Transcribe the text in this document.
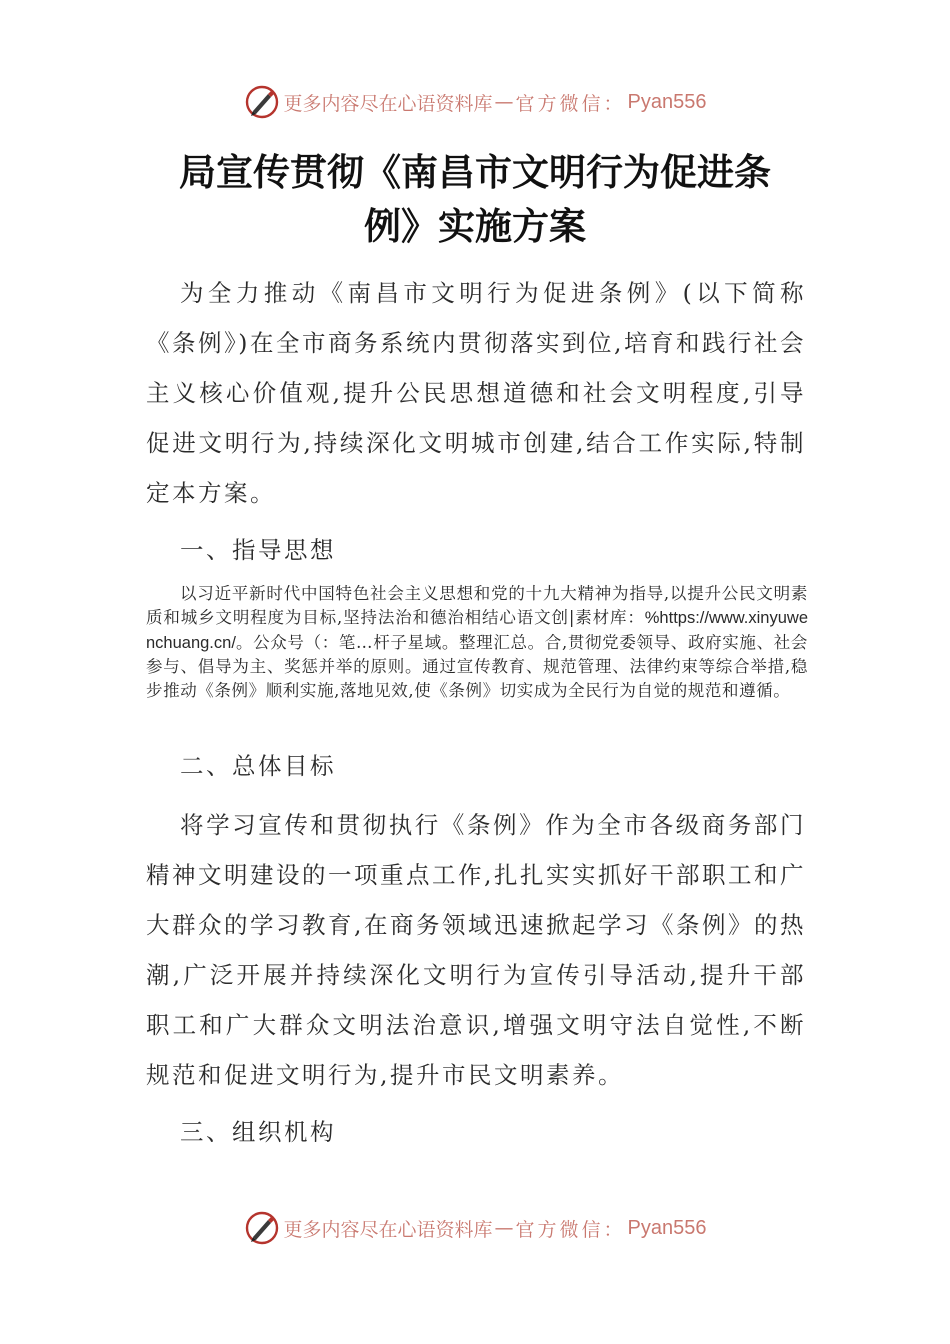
更多内容尽在心语资料库 — 官方微信： Pyan556
局宣传贯彻《南昌市文明行为促进条
例》实施方案

为全力推动《南昌市文明行为促进条例》(以下简称《条例》)在全市商务系统内贯彻落实到位,培育和践行社会主义核心价值观,提升公民思想道德和社会文明程度,引导促进文明行为,持续深化文明城市创建,结合工作实际,特制定本方案。

一、指导思想

以习近平新时代中国特色社会主义思想和党的十九大精神为指导,以提升公民文明素质和城乡文明程度为目标,坚持法治和德治相结心语文创|素材库：%https://www.xinyuwenchuang.cn/。公众号（：笔…杆子星域。整理汇总。合,贯彻党委领导、政府实施、社会参与、倡导为主、奖惩并举的原则。通过宣传教育、规范管理、法律约束等综合举措,稳步推动《条例》顺利实施,落地见效,使《条例》切实成为全民行为自觉的规范和遵循。

二、总体目标

将学习宣传和贯彻执行《条例》作为全市各级商务部门精神文明建设的一项重点工作,扎扎实实抓好干部职工和广大群众的学习教育,在商务领域迅速掀起学习《条例》的热潮,广泛开展并持续深化文明行为宣传引导活动,提升干部职工和广大群众文明法治意识,增强文明守法自觉性,不断规范和促进文明行为,提升市民文明素养。

三、组织机构

更多内容尽在心语资料库 — 官方微信： Pyan556
